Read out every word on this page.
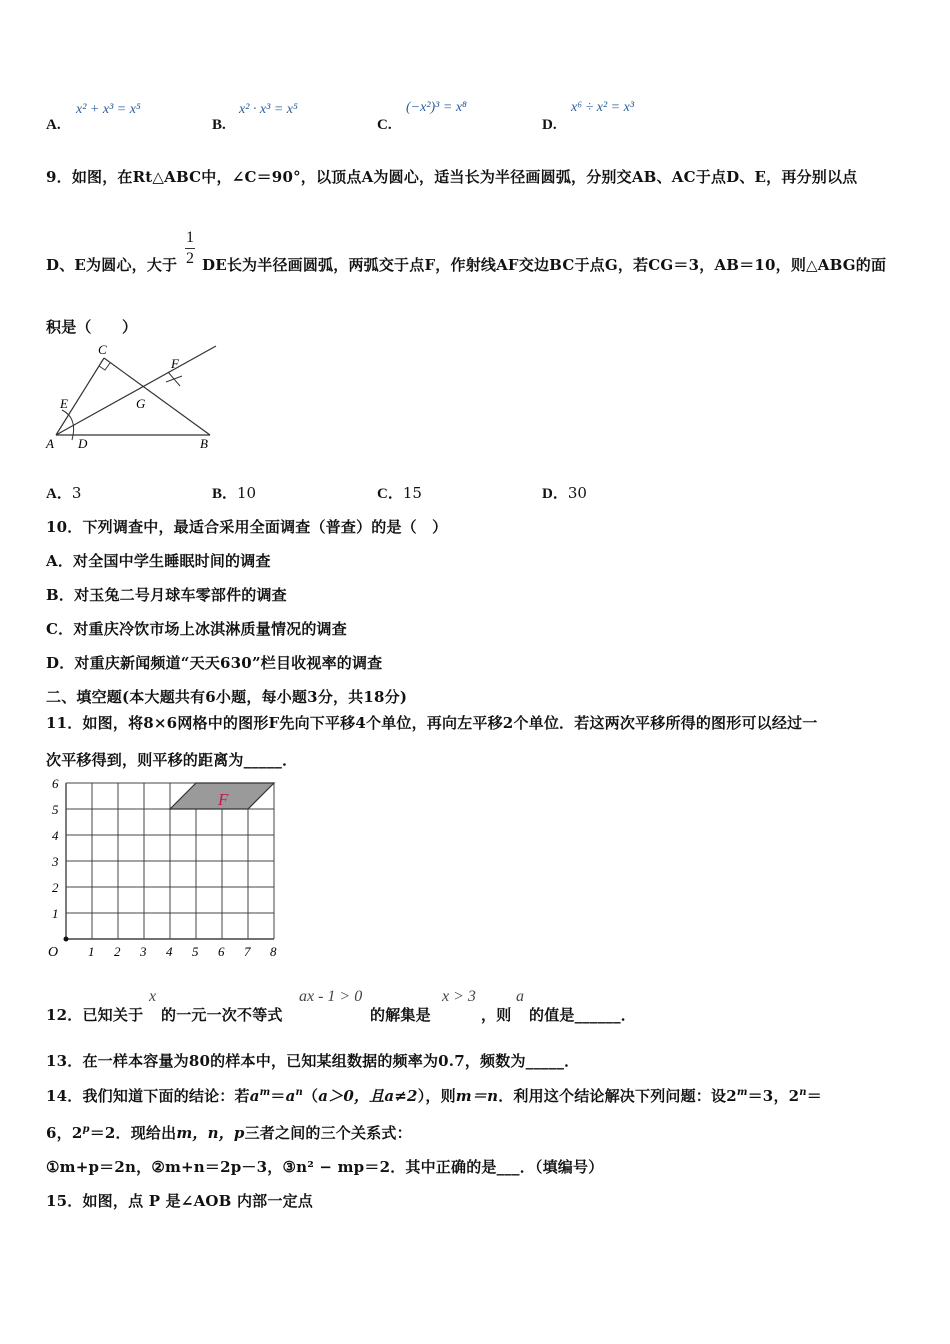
A.
x² + x³ = x⁵
B.
x² · x³ = x⁵
C.
(−x²)³ = x⁸
D.
x⁶ ÷ x² = x³
9．如图，在Rt△ABC中，∠C＝90°，以顶点A为圆心，适当长为半径画圆弧，分别交AB、AC于点D、E，再分别以点
D、E为圆心，大于
1
2 DE长为半径画圆弧，两弧交于点F，作射线AF交边BC于点G，若CG＝3，AB＝10，则△ABG的面
积是（　　）
C
E
A D	B
G
F
A．3	B．10	C．15	D．30
10．下列调查中，最适合采用全面调查（普查）的是（　）
A．对全国中学生睡眠时间的调查
B．对玉兔二号月球车零部件的调查
C．对重庆冷饮市场上冰淇淋质量情况的调查
D．对重庆新闻频道“天天630”栏目收视率的调查
二、填空题(本大题共有6小题，每小题3分，共18分)
11．如图，将8×6网格中的图形F先向下平移4个单位，再向左平移2个单位．若这两次平移所得的图形可以经过一
次平移得到，则平移的距离为_____．
F
O 1 2 3 4 5 6 7 8
1
2
3
4
5
6
12．已知关于
x
的一元一次不等式
ax - 1 > 0
的解集是
x > 3
，则
a
的值是______．
13．在一样本容量为80的样本中，已知某组数据的频率为0.7，频数为_____．
14．我们知道下面的结论：若$a^m=a^n(a>0$，且a≠2），则m＝n．利用这个结论解决下列问题：设$2^m=3$，$2^n=$
6，$2^p=2$．现给出m，n，p三者之间的三个关系式：
①m+p＝2n，②m+n＝2p－3，③n² − mp＝2．其中正确的是___．（填编号）
15．如图，点 P 是∠AOB 内部一定点
